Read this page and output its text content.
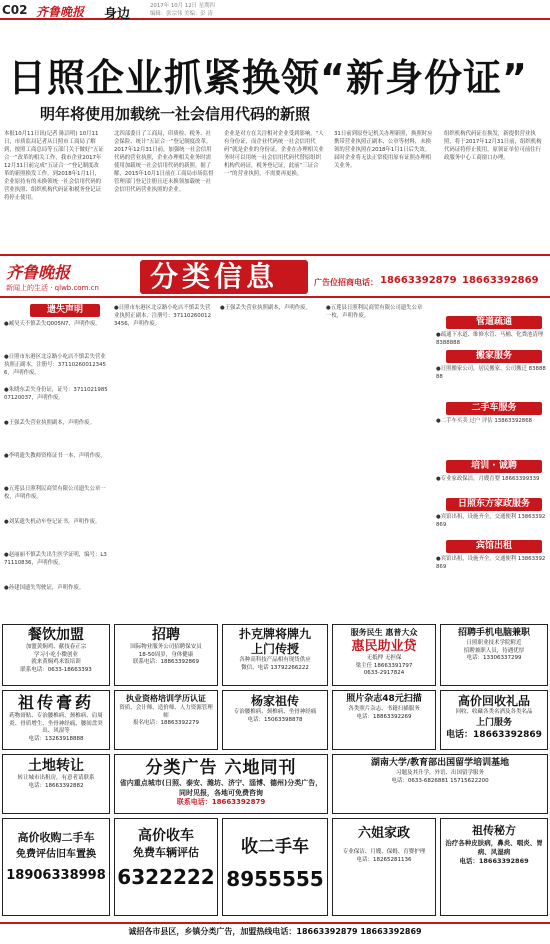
C02 齐鲁晚报 身边
2017年 10月 12日 星期四
编辑：张宗伟 美编：彭 涛
日照企业抓紧换领“新身份证”
明年将使用加载统一社会信用代码的新照
本报10月11日讯(记者 陈洁明) 10月11日，市质监局记者从日照市工商局了解到，按照工商总局等五部门关于做好“五证合一”改革的相关工作，我市企业2017年12月31日前完成“五证合一”登记制度改革的新照换发工作。到2018年1月1日，企业原持有的未换领统一社会信用代码的营业执照、组织机构代码证和税务登记证将停止使用。
北四部委日了工商局，印质检、税务、社会保险、统计“五证合一”登记制度改革。2017年12月31日前，加强统一社会信用代码的营业执照，企业办理相关业务时需使用加载统一社会信用代码的新照。据了解，2015年10月1日前在工商局市场监督管理部门登记注册且还未换领加载统一社会信用代码营业执照的企业。
企业是对方在关注相对企业受到影响。“人有身份证，而企业代码统一社会信用代码”就是企业的身份证。企业在办理相关业务时可以用统一社会信用代码代替原组织机构代码证，税务登记证，此前“三证合一”的营业执照，不需要再更换。
31日前到原登记机关办理新照，换照时应携带营业执照正副本、公章等材料，未换领的营业执照在2018年1月1日后失效。届时企业将无法正常使用原有证照办理相关业务。
组织机构代码证在换发，新提供营业执照，将于2017年12月31日前，组织机构代码证将停止使用，原领证单位可前往行政服务中心工商窗口办理。
齐鲁晚报
新闻上的生活 · qlwb.com.cn 分类信息	广告位招商电话： 18663392879 18663392869
遗失声明
●臧昊天不慎丢失Q005N7，声明作废。
●日照市东港区北京路小吃店不慎丢失营业执照正副本，注册号：371102600123456，声明作废。
●朱晓东丢失身份证，证号：371102198507120037，声明作废。
●王强丢失营业执照副本，声明作废。
●李明遗失教师资格证书一本，声明作废。
●五莲县日照利民商贸有限公司遗失公章一枚，声明作废。
●刘某遗失机动车登记证书，声明作废。
●赵丽丽不慎丢失出生医学证明，编号：L371110836，声明作废。
●孙建国遗失驾驶证，声明作废。
●日照市东港区北京路小吃店不慎丢失营业执照正副本，注册号：371102600123456，声明作废。
●王强丢失营业执照副本，声明作废。	●五莲县日照利民商贸有限公司遗失公章一枚，声明作废。
管道疏通
●疏通下水道、维修水管、马桶、化粪池清理 8388888
搬家服务
●日照搬家公司，居民搬家、公司搬迁 8388888
二手车服务
●二手车买卖 过户 评估 13863392868
培训 · 诚聘
●专业家政保洁，月嫂育婴 18663399339
日照东方家政服务
●宾馆出租，设施齐全，交通便利 13863392869
宾馆出租
●宾馆出租，设施齐全，交通便利 13863392869
餐饮加盟
加盟黄焖鸡、献技春正宗
学习小吃小微创业
就来黄焖鸡米饭培训
联系电话：0633-18663393
招聘
国际物业服务公司招聘保安员
18-50周岁，身体健康
联系电话：18863392869
扑克牌将牌九
上门传授
各种高科技产品相有现货供应
微信、电话 13792266222
服务民生 惠普大众
惠民助业贷
无抵押 无担保
梁主任 18663391797
0633-2917824
招聘手机电脑兼职
日照职业技术学院附近
招聘兼职人员，待遇优厚
电话：13306337299
祖传膏药
药物膏贴、专治腰椎病、颈椎病、肩周炎、骨质增生、坐骨神经痛、腰间盘突出、风湿等
电话：13263918888
执业资格培训学历认证
资质、会计师、造价师、人力资源管理师
报名电话：18863392279
杨家祖传
专治腰椎病、颈椎病、坐骨神经痛
电话：15063398878
照片杂志48元扫描
各类照片杂志、书籍扫描服务
电话：18863392269
高价回收礼品
回收、收藏各类名酒及各类名品
上门服务
电话：18663392869
土地转让
转让城市出租房，有意者请联系
电话：18663392882
分类广告 六地同刊
省内重点城市(日照、泰安、潍坊、济宁、淄博、德州)分类广告，同时见报，各地可免费咨询
联系电话：18663392879
湖南大学/教育部出国留学培训基地
习题及其升学，外语、出国留学服务
电话：0633-6826881 15715622200
高价收购二手车
免费评估旧车置换
18906338998
高价收车
免费车辆评估
6322222
收二手车
8955555
六姐家政
专业保洁、月嫂、保姆、育婴护理
电话：18265281136
祖传秘方
治疗各种皮肤病，鼻炎、咽炎、胃病、风湿病
电话：18663392869
诚招各市县区，乡镇分类广告，加盟热线电话：18663392879 18663392869
